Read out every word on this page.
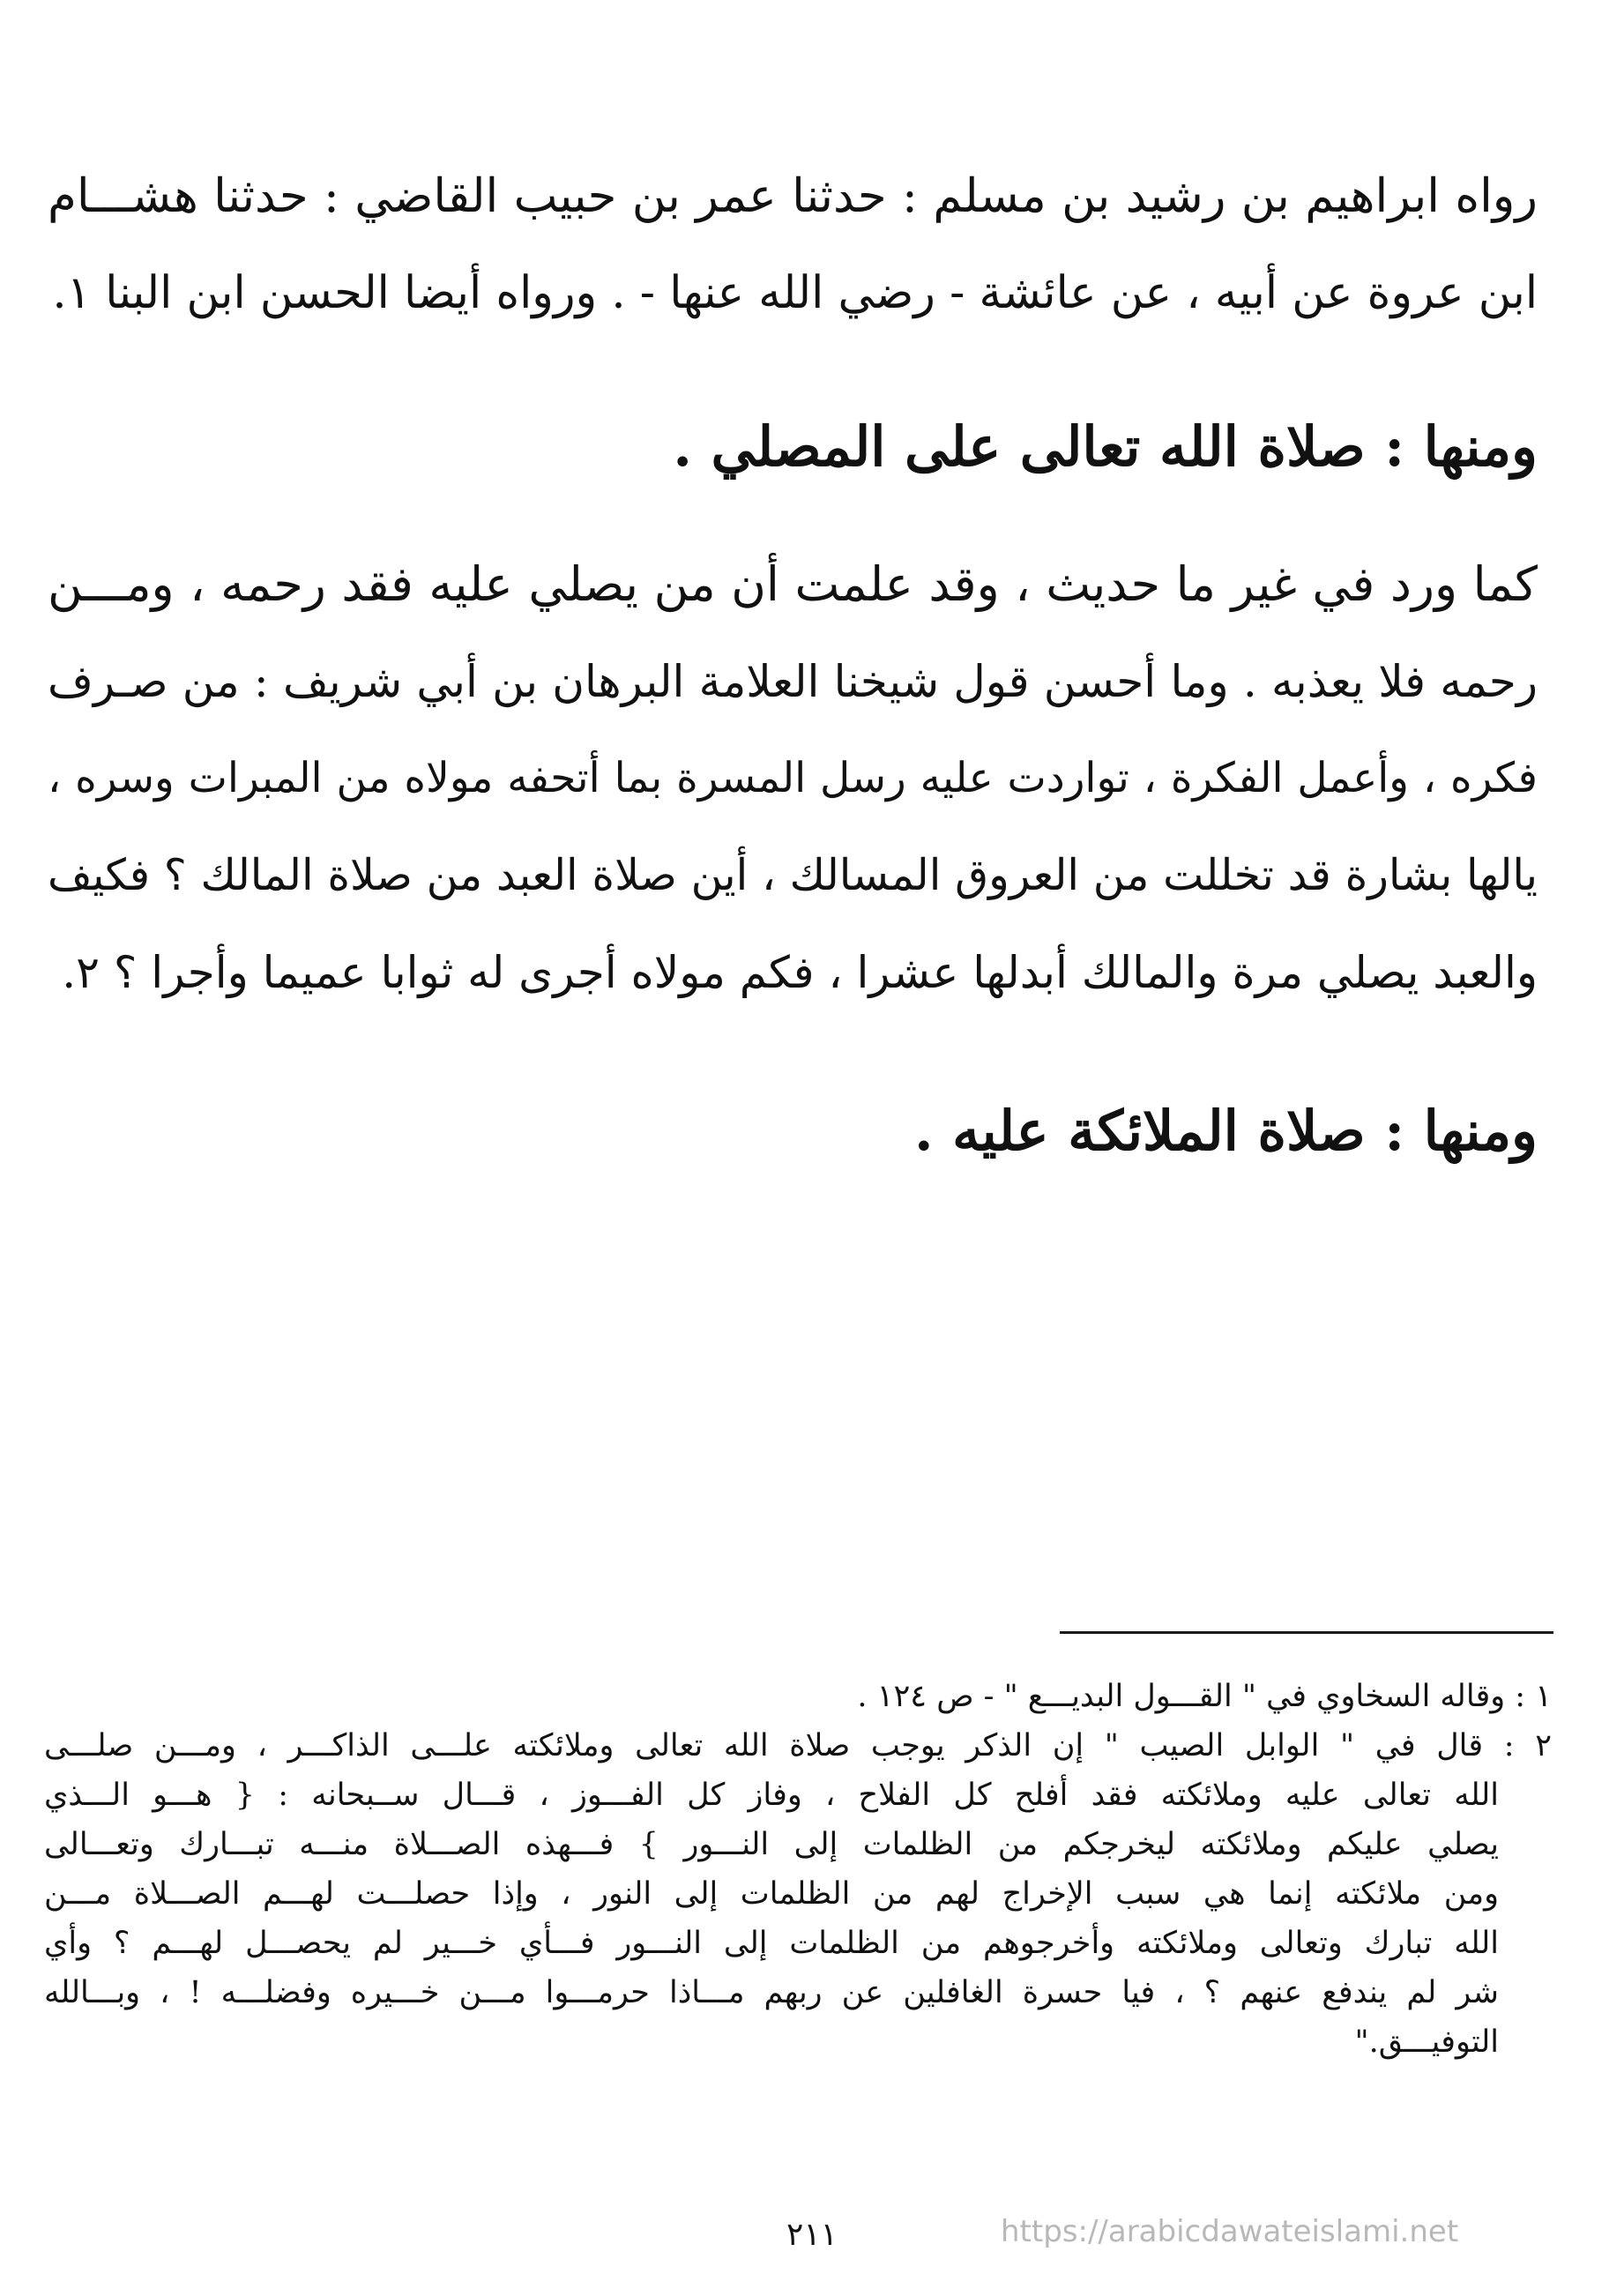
رواه ابراهيم بن رشيد بن مسلم : حدثنا عمر بن حبيب القاضي : حدثنا هشـــام
ابن عروة عن أبيه ، عن عائشة - رضي الله عنها - . ورواه أيضا الحسن ابن البنا ١.
ومنها : صلاة الله تعالى على المصلي .
كما ورد في غير ما حديث ، وقد علمت أن من يصلي عليه فقد رحمه ، ومـــن
رحمه فلا يعذبه . وما أحسن قول شيخنا العلامة البرهان بن أبي شريف : من صـرف
فكره ، وأعمل الفكرة ، تواردت عليه رسل المسرة بما أتحفه مولاه من المبرات وسره ،
يالها بشارة قد تخللت من العروق المسالك ، أين صلاة العبد من صلاة المالك ؟ فكيف
والعبد يصلي مرة والمالك أبدلها عشرا ، فكم مولاه أجرى له ثوابا عميما وأجرا ؟ ٢.
ومنها : صلاة الملائكة عليه .
١ : وقاله السخاوي في " القـــول البديـــع " - ص ١٢٤ .
٢ : قال في " الوابل الصيب " إن الذكر يوجب صلاة الله تعالى وملائكته علـــى الذاكـــر ، ومـــن صلـــى
الله تعالى عليه وملائكته فقد أفلح كل الفلاح ، وفاز كل الفـــوز ، قـــال ســبحانه : { هـــو الـــذي
يصلي عليكم وملائكته ليخرجكم من الظلمات إلى النـــور } فـــهذه الصـــلاة منـــه تبـــارك وتعـــالى
ومن ملائكته إنما هي سبب الإخراج لهم من الظلمات إلى النور ، وإذا حصلـــت لهـــم الصـــلاة مـــن
الله تبارك وتعالى وملائكته وأخرجوهم من الظلمات إلى النـــور فـــأي خـــير لم يحصـــل لهـــم ؟ وأي
شر لم يندفع عنهم ؟ ، فيا حسرة الغافلين عن ربهم مـــاذا حرمـــوا مـــن خـــيره وفضلـــه ! ، وبـــالله
التوفيـــق."
٢١١	https://arabicdawateislami.net
